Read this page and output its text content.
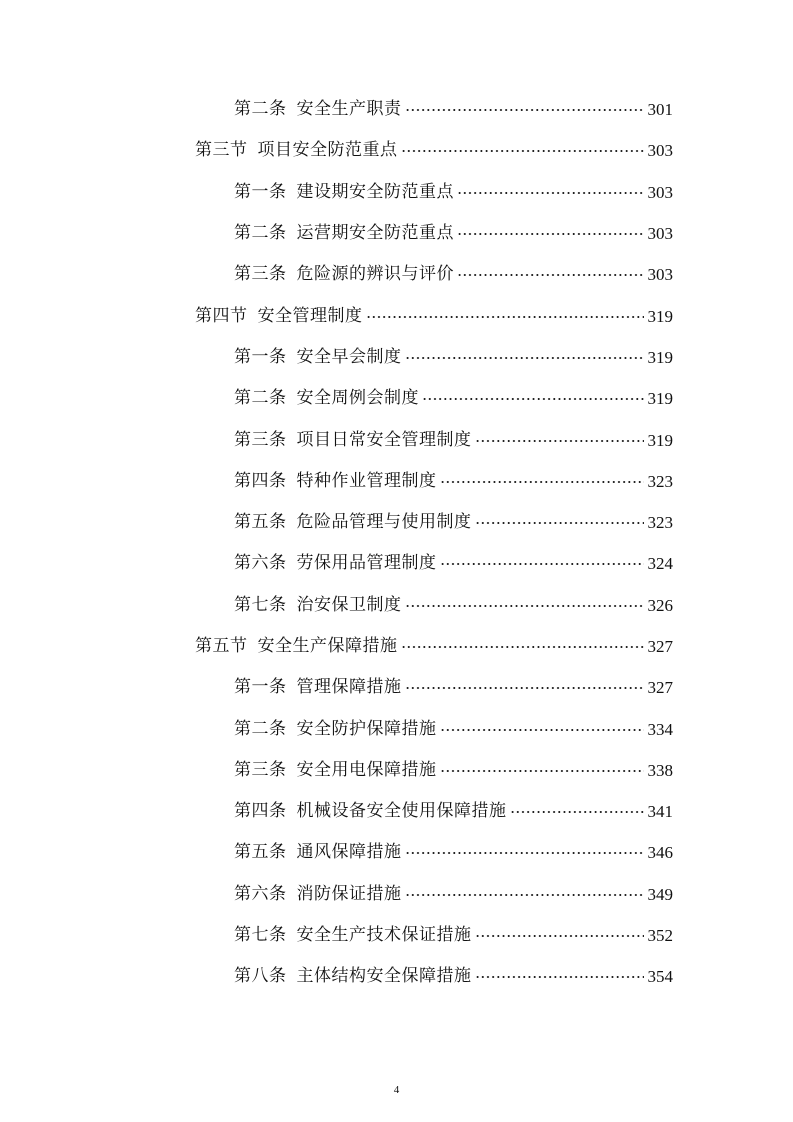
第二条 安全生产职责	301
第三节 项目安全防范重点	303
第一条 建设期安全防范重点	303
第二条 运营期安全防范重点	303
第三条 危险源的辨识与评价	303
第四节 安全管理制度	319
第一条 安全早会制度	319
第二条 安全周例会制度	319
第三条 项目日常安全管理制度	319
第四条 特种作业管理制度	323
第五条 危险品管理与使用制度	323
第六条 劳保用品管理制度	324
第七条 治安保卫制度	326
第五节 安全生产保障措施	327
第一条 管理保障措施	327
第二条 安全防护保障措施	334
第三条 安全用电保障措施	338
第四条 机械设备安全使用保障措施	341
第五条 通风保障措施	346
第六条 消防保证措施	349
第七条 安全生产技术保证措施	352
第八条 主体结构安全保障措施	354
4
